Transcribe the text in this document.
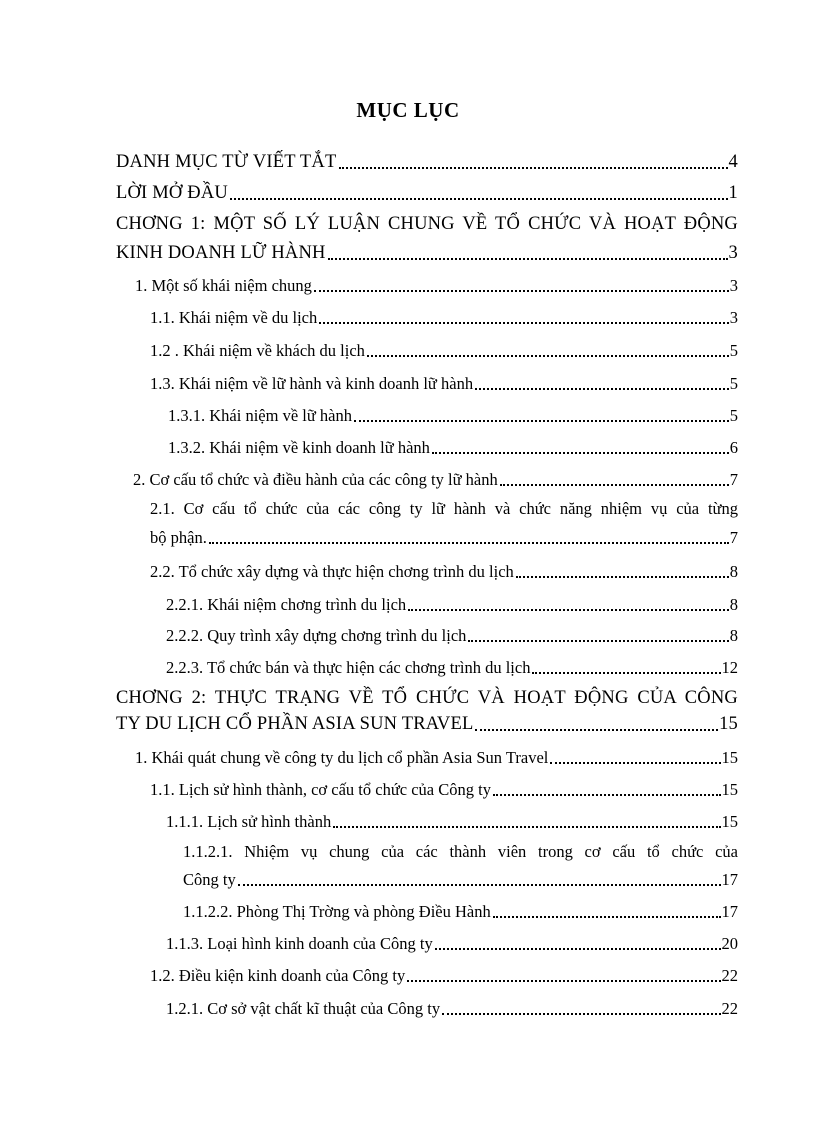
MỤC LỤC
DANH MỤC TỪ VIẾT TẮT	4
LỜI MỞ ĐẦU	1
CHƠNG 1: MỘT SỐ LÝ LUẬN CHUNG VỀ TỔ CHỨC VÀ HOẠT ĐỘNG
KINH DOANH LỮ HÀNH	3
1. Một số khái niệm chung	3
1.1. Khái niệm về du lịch	3
1.2 . Khái niệm về khách du lịch	5
1.3. Khái niệm về lữ hành và kinh doanh lữ hành	5
1.3.1. Khái niệm về lữ hành	5
1.3.2. Khái niệm về kinh doanh lữ hành	6
2. Cơ cấu tổ chức và điều hành của các công ty lữ hành	7
2.1. Cơ cấu tổ chức của các công ty lữ hành và chức năng nhiệm vụ của từng
bộ phận.	7
2.2. Tổ chức xây dựng và thực hiện chơng trình du lịch	8
2.2.1. Khái niệm chơng trình du lịch	8
2.2.2. Quy trình xây dựng chơng trình du lịch	8
2.2.3. Tổ chức bán và thực hiện các chơng trình du lịch	12
CHƠNG 2: THỰC TRẠNG VỀ TỔ CHỨC VÀ HOẠT ĐỘNG CỦA CÔNG
TY DU LỊCH CỔ PHẦN ASIA SUN TRAVEL	15
1. Khái quát chung về công ty du lịch cổ phần Asia Sun Travel	15
1.1. Lịch sử hình thành, cơ cấu tổ chức của Công ty	15
1.1.1. Lịch sử hình thành	15
1.1.2.1. Nhiệm vụ chung của các thành viên trong cơ cấu tổ chức của
Công ty	17
1.1.2.2. Phòng Thị Trờng và phòng Điều Hành	17
1.1.3. Loại hình kinh doanh của Công ty	20
1.2. Điều kiện kinh doanh của Công ty	22
1.2.1. Cơ sở vật chất kĩ thuật của Công ty	22
